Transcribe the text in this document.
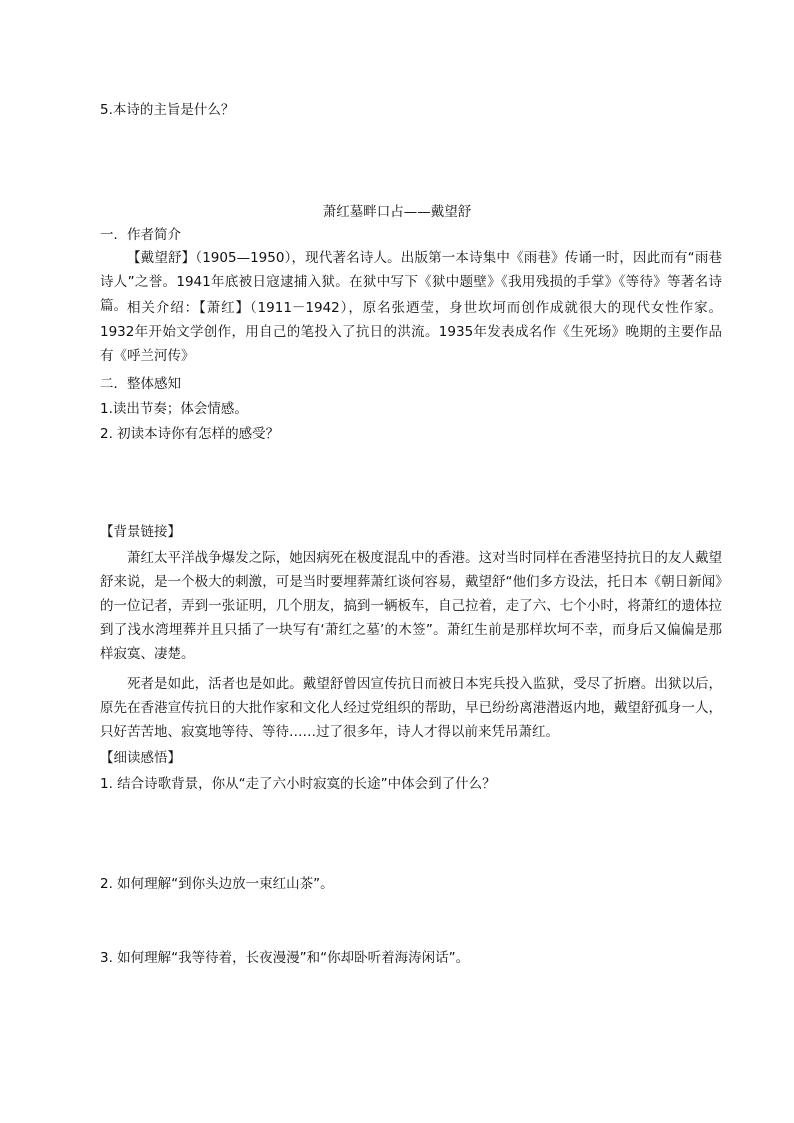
5.本诗的主旨是什么？
萧红墓畔口占——戴望舒
一．作者简介
【戴望舒】（1905—1950），现代著名诗人。出版第一本诗集中《雨巷》传诵一时，因此而有“雨巷诗人”之誉。1941年底被日寇逮捕入狱。在狱中写下《狱中题壁》《我用残损的手掌》《等待》等著名诗篇。 相关介绍：【萧红】（1911－1942），原名张迺莹，身世坎坷而创作成就很大的现代女性作家。1932年开始文学创作，用自己的笔投入了抗日的洪流。1935年发表成名作《生死场》晚期的主要作品有《呼兰河传》
二．整体感知
1.读出节奏；体会情感。
2. 初读本诗你有怎样的感受？
【背景链接】
萧红太平洋战争爆发之际，她因病死在极度混乱中的香港。这对当时同样在香港坚持抗日的友人戴望舒来说，是一个极大的刺激，可是当时要埋葬萧红谈何容易，戴望舒“他们多方设法，托日本《朝日新闻》的一位记者，弄到一张证明，几个朋友，搞到一辆板车，自己拉着，走了六、七个小时，将萧红的遗体拉到了浅水湾埋葬并且只插了一块写有‘萧红之墓’的木签”。萧红生前是那样坎坷不幸，而身后又偏偏是那样寂寞、凄楚。
死者是如此，活者也是如此。戴望舒曾因宣传抗日而被日本宪兵投入监狱，受尽了折磨。出狱以后，原先在香港宣传抗日的大批作家和文化人经过党组织的帮助，早已纷纷离港潜返内地，戴望舒孤身一人，只好苦苦地、寂寞地等待、等待……过了很多年，诗人才得以前来凭吊萧红。
【细读感悟】
1. 结合诗歌背景，你从“走了六小时寂寞的长途”中体会到了什么？
2. 如何理解“到你头边放一束红山茶”。
3. 如何理解“我等待着，长夜漫漫”和“你却卧听着海涛闲话”。
